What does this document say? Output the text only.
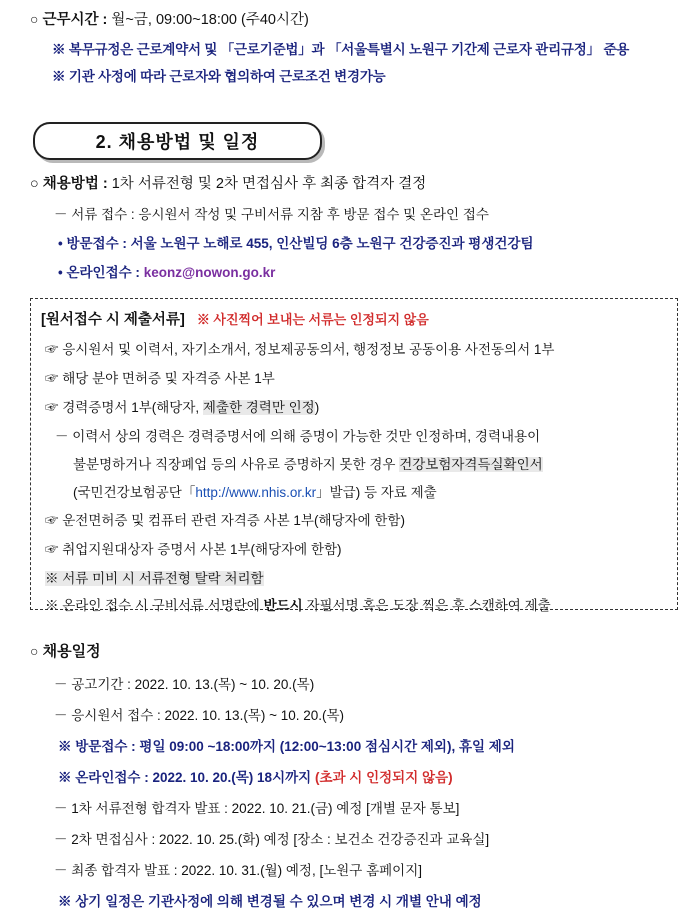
○ 근무시간 : 월~금, 09:00~18:00 (주40시간)
※ 복무규정은 근로계약서 및 「근로기준법」과 「서울특별시 노원구 기간제 근로자 관리규정」 준용
※ 기관 사정에 따라 근로자와 협의하여 근로조건 변경가능
2. 채용방법 및 일정
○ 채용방법 : 1차 서류전형 및 2차 면접심사 후 최종 합격자 결정
－ 서류 접수 : 응시원서 작성 및 구비서류 지참 후 방문 접수 및 온라인 접수
• 방문접수 : 서울 노원구 노해로 455, 인산빌딩 6층 노원구 건강증진과 평생건강팀
• 온라인접수 : keonz@nowon.go.kr
[원서접수 시 제출서류] ※ 사진찍어 보내는 서류는 인정되지 않음
☞ 응시원서 및 이력서, 자기소개서, 정보제공동의서, 행정정보 공동이용 사전동의서 1부
☞ 해당 분야 면허증 및 자격증 사본 1부
☞ 경력증명서 1부(해당자, 제출한 경력만 인정)
－ 이력서 상의 경력은 경력증명서에 의해 증명이 가능한 것만 인정하며, 경력내용이
불분명하거나 직장폐업 등의 사유로 증명하지 못한 경우 건강보험자격득실확인서
(국민건강보험공단「http://www.nhis.or.kr」발급) 등 자료 제출
☞ 운전면허증 및 컴퓨터 관련 자격증 사본 1부(해당자에 한함)
☞ 취업지원대상자 증명서 사본 1부(해당자에 한함)
※ 서류 미비 시 서류전형 탈락 처리함
※ 온라인 접수 시 구비서류 서명란에 반드시 자필서명 혹은 도장 찍은 후 스캔하여 제출
○ 채용일정
－ 공고기간 : 2022. 10. 13.(목) ~ 10. 20.(목)
－ 응시원서 접수 : 2022. 10. 13.(목) ~ 10. 20.(목)
※ 방문접수 : 평일 09:00 ~18:00까지 (12:00~13:00 점심시간 제외), 휴일 제외
※ 온라인접수 : 2022. 10. 20.(목) 18시까지 (초과 시 인정되지 않음)
－ 1차 서류전형 합격자 발표 : 2022. 10. 21.(금) 예정 [개별 문자 통보]
－ 2차 면접심사 : 2022. 10. 25.(화) 예정 [장소 : 보건소 건강증진과 교육실]
－ 최종 합격자 발표 : 2022. 10. 31.(월) 예정, [노원구 홈페이지]
※ 상기 일정은 기관사정에 의해 변경될 수 있으며 변경 시 개별 안내 예정
